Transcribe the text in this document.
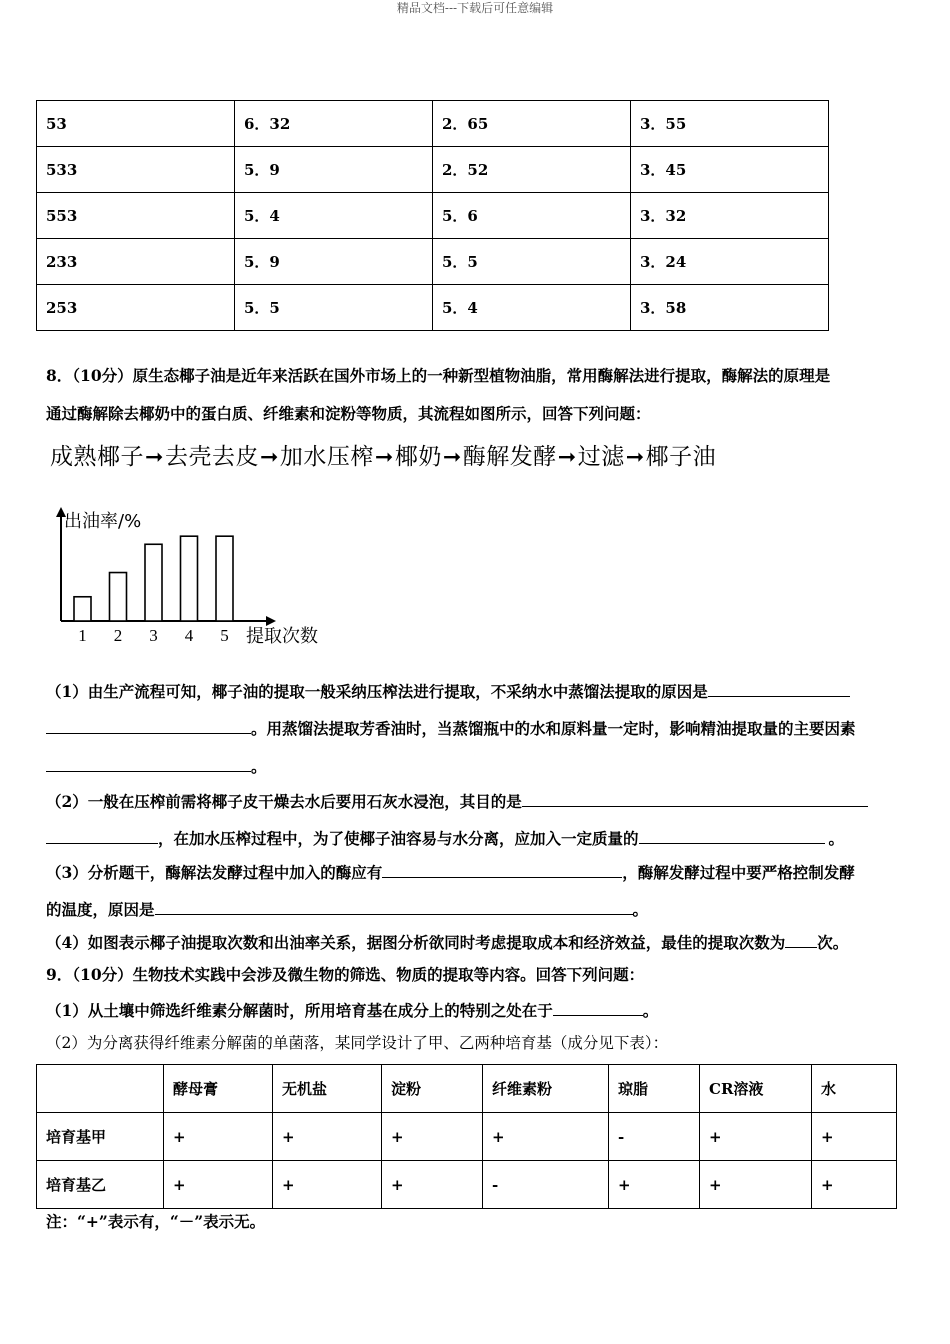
精品文档---下载后可任意编辑
53	6．32	2．65	3．55
533	5．9	2．52	3．45
553	5．4	5．6	3．32
233	5．9	5．5	3．24
253	5．5	5．4	3．58
8．（10分）原生态椰子油是近年来活跃在国外市场上的一种新型植物油脂，常用酶解法进行提取，酶解法的原理是
通过酶解除去椰奶中的蛋白质、纤维素和淀粉等物质，其流程如图所示，回答下列问题：
成熟椰子➞去壳去皮➞加水压榨➞椰奶➞酶解发酵➞过滤➞椰子油
出油率/%
提取次数
1 2 3 4 5
（1）由生产流程可知，椰子油的提取一般采纳压榨法进行提取，不采纳水中蒸馏法提取的原因是
。用蒸馏法提取芳香油时，当蒸馏瓶中的水和原料量一定时，影响精油提取量的主要因素
。
（2）一般在压榨前需将椰子皮干燥去水后要用石灰水浸泡，其目的是
，在加水压榨过程中，为了使椰子油容易与水分离，应加入一定质量的	。
（3）分析题干，酶解法发酵过程中加入的酶应有	，酶解发酵过程中要严格控制发酵
的温度，原因是	。
（4）如图表示椰子油提取次数和出油率关系，据图分析欲同时考虑提取成本和经济效益，最佳的提取次数为 次。
9．（10分）生物技术实践中会涉及微生物的筛选、物质的提取等内容。回答下列问题：
（1）从土壤中筛选纤维素分解菌时，所用培育基在成分上的特别之处在于	。
（2）为分离获得纤维素分解菌的单菌落，某同学设计了甲、乙两种培育基（成分见下表）：
	酵母膏	无机盐	淀粉	纤维素粉	琼脂	CR溶液	水
培育基甲	+	+	+	+	-	+	+
培育基乙	+	+	+	-	+	+	+
注：“+”表示有，“－”表示无。
